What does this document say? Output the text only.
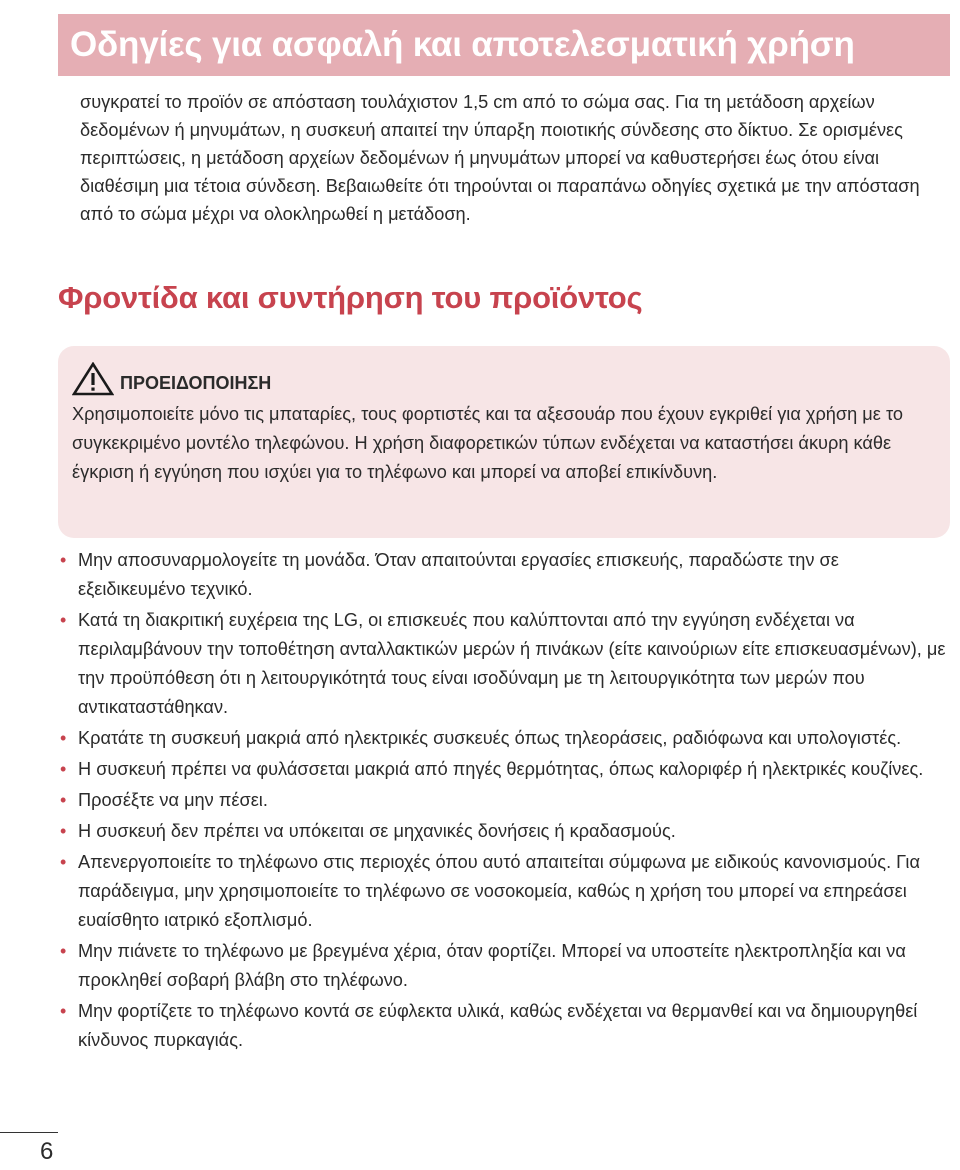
Οδηγίες για ασφαλή και αποτελεσματική χρήση

συγκρατεί το προϊόν σε απόσταση τουλάχιστον 1,5 cm από το σώμα σας. Για τη μετάδοση αρχείων δεδομένων ή μηνυμάτων, η συσκευή απαιτεί την ύπαρξη ποιοτικής σύνδεσης στο δίκτυο. Σε ορισμένες περιπτώσεις, η μετάδοση αρχείων δεδομένων ή μηνυμάτων μπορεί να καθυστερήσει έως ότου είναι διαθέσιμη μια τέτοια σύνδεση. Βεβαιωθείτε ότι τηρούνται οι παραπάνω οδηγίες σχετικά με την απόσταση από το σώμα μέχρι να ολοκληρωθεί η μετάδοση.

Φροντίδα και συντήρηση του προϊόντος
ΠΡΟΕΙΔΟΠΟΙΗΣΗ

Χρησιμοποιείτε μόνο τις μπαταρίες, τους φορτιστές και τα αξεσουάρ που έχουν εγκριθεί για χρήση με το συγκεκριμένο μοντέλο τηλεφώνου. Η χρήση διαφορετικών τύπων ενδέχεται να καταστήσει άκυρη κάθε έγκριση ή εγγύηση που ισχύει για το τηλέφωνο και μπορεί να αποβεί επικίνδυνη.

• Μην αποσυναρμολογείτε τη μονάδα. Όταν απαιτούνται εργασίες επισκευής, παραδώστε την σε εξειδικευμένο τεχνικό.
• Κατά τη διακριτική ευχέρεια της LG, οι επισκευές που καλύπτονται από την εγγύηση ενδέχεται να περιλαμβάνουν την τοποθέτηση ανταλλακτικών μερών ή πινάκων (είτε καινούριων είτε επισκευασμένων), με την προϋπόθεση ότι η λειτουργικότητά τους είναι ισοδύναμη με τη λειτουργικότητα των μερών που αντικαταστάθηκαν.
• Κρατάτε τη συσκευή μακριά από ηλεκτρικές συσκευές όπως τηλεοράσεις, ραδιόφωνα και υπολογιστές.
• Η συσκευή πρέπει να φυλάσσεται μακριά από πηγές θερμότητας, όπως καλοριφέρ ή ηλεκτρικές κουζίνες.
• Προσέξτε να μην πέσει.
• Η συσκευή δεν πρέπει να υπόκειται σε μηχανικές δονήσεις ή κραδασμούς.
• Απενεργοποιείτε το τηλέφωνο στις περιοχές όπου αυτό απαιτείται σύμφωνα με ειδικούς κανονισμούς. Για παράδειγμα, μην χρησιμοποιείτε το τηλέφωνο σε νοσοκομεία, καθώς η χρήση του μπορεί να επηρεάσει ευαίσθητο ιατρικό εξοπλισμό.
• Μην πιάνετε το τηλέφωνο με βρεγμένα χέρια, όταν φορτίζει. Μπορεί να υποστείτε ηλεκτροπληξία και να προκληθεί σοβαρή βλάβη στο τηλέφωνο.
• Μην φορτίζετε το τηλέφωνο κοντά σε εύφλεκτα υλικά, καθώς ενδέχεται να θερμανθεί και να δημιουργηθεί κίνδυνος πυρκαγιάς.
6
